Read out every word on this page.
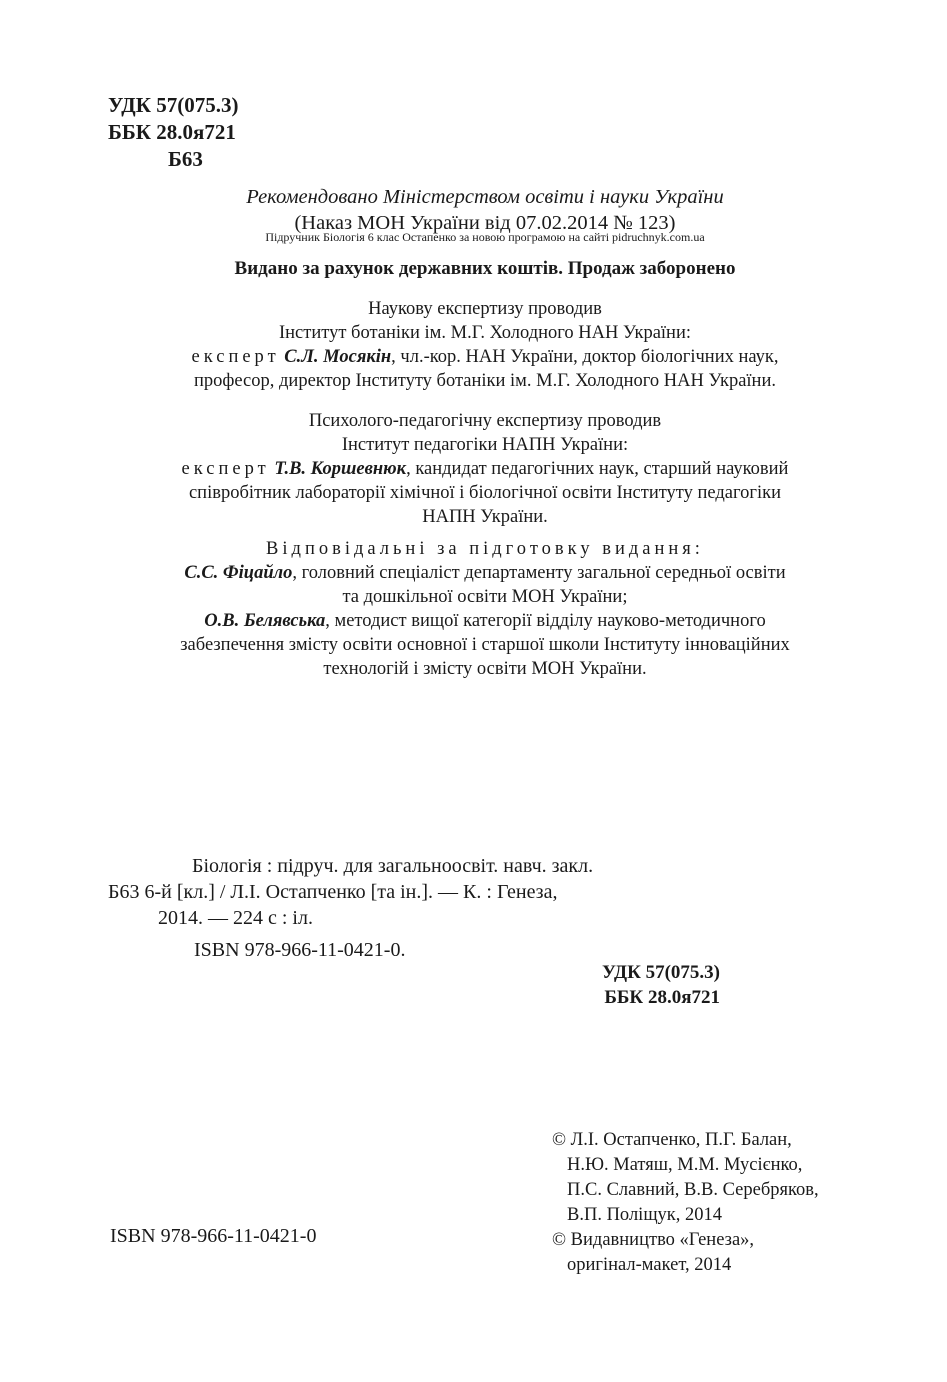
УДК 57(075.3)
ББК 28.0я721
Б63
Рекомендовано Міністерством освіти і науки України
(Наказ МОН України від 07.02.2014 № 123)
Підручник Біологія 6 клас Остапенко за новою програмою на сайті pidruchnyk.com.ua
Видано за рахунок державних коштів. Продаж заборонено
Наукову експертизу проводив
Інститут ботаніки ім. М.Г. Холодного НАН України:
експерт С.Л. Мосякін, чл.-кор. НАН України, доктор біологічних наук,
професор, директор Інституту ботаніки ім. М.Г. Холодного НАН України.
Психолого-педагогічну експертизу проводив
Інститут педагогіки НАПН України:
експерт Т.В. Коршевнюк, кандидат педагогічних наук, старший науковий
співробітник лабораторії хімічної і біологічної освіти Інституту педагогіки
НАПН України.
Відповідальні за підготовку видання:
С.С. Фіцайло, головний спеціаліст департаменту загальної середньої освіти
та дошкільної освіти МОН України;
О.В. Белявська, методист вищої категорії відділу науково-методичного
забезпечення змісту освіти основної і старшої школи Інституту інноваційних
технологій і змісту освіти МОН України.
Біологія : підруч. для загальноосвіт. навч. закл.
Б63 6-й [кл.] / Л.І. Остапченко [та ін.]. — К. : Генеза,
2014. — 224 с : іл.
ISBN 978-966-11-0421-0.
УДК 57(075.3)
ББК 28.0я721
© Л.І. Остапченко, П.Г. Балан,
Н.Ю. Матяш, М.М. Мусієнко,
П.С. Славний, В.В. Серебряков,
В.П. Поліщук, 2014
© Видавництво «Генеза»,
оригінал-макет, 2014
ISBN 978-966-11-0421-0
